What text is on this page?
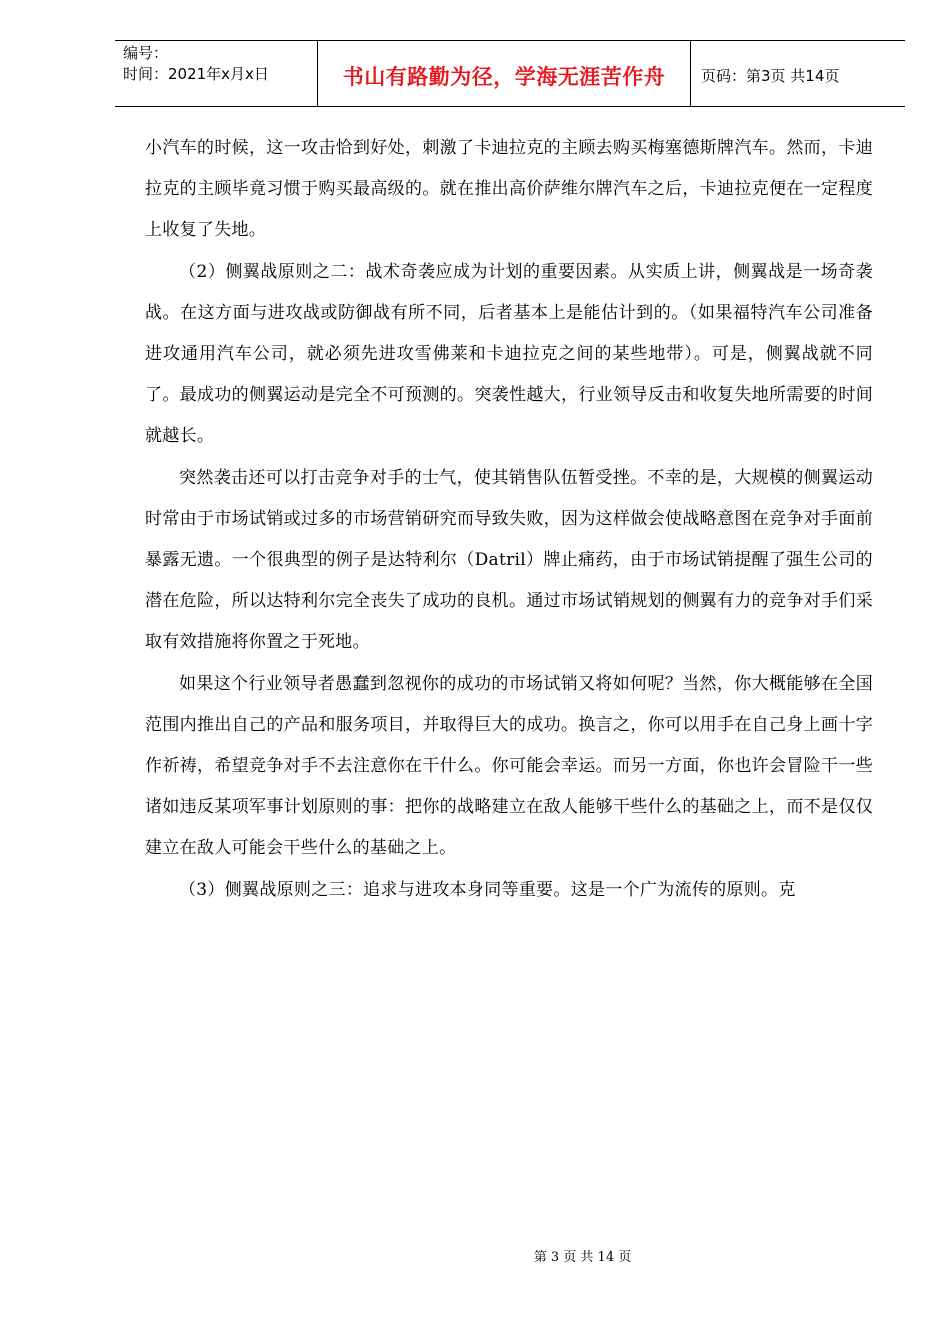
编号：
时间：2021年x月x日	书山有路勤为径，学海无涯苦作舟	页码：第3页 共14页

小汽车的时候，这一攻击恰到好处，刺激了卡迪拉克的主顾去购买梅塞德斯牌汽车。然而，卡迪拉克的主顾毕竟习惯于购买最高级的。就在推出高价萨维尔牌汽车之后，卡迪拉克便在一定程度上收复了失地。

（2）侧翼战原则之二：战术奇袭应成为计划的重要因素。从实质上讲，侧翼战是一场奇袭战。在这方面与进攻战或防御战有所不同，后者基本上是能估计到的。（如果福特汽车公司准备进攻通用汽车公司，就必须先进攻雪佛莱和卡迪拉克之间的某些地带）。可是，侧翼战就不同了。最成功的侧翼运动是完全不可预测的。突袭性越大，行业领导反击和收复失地所需要的时间就越长。

突然袭击还可以打击竞争对手的士气，使其销售队伍暂受挫。不幸的是，大规模的侧翼运动时常由于市场试销或过多的市场营销研究而导致失败，因为这样做会使战略意图在竞争对手面前暴露无遗。一个很典型的例子是达特利尔（Datril）牌止痛药，由于市场试销提醒了强生公司的潜在危险，所以达特利尔完全丧失了成功的良机。通过市场试销规划的侧翼有力的竞争对手们采取有效措施将你置之于死地。

如果这个行业领导者愚蠢到忽视你的成功的市场试销又将如何呢？当然，你大概能够在全国范围内推出自己的产品和服务项目，并取得巨大的成功。换言之，你可以用手在自己身上画十字作祈祷，希望竞争对手不去注意你在干什么。你可能会幸运。而另一方面，你也许会冒险干一些诸如违反某项军事计划原则的事：把你的战略建立在敌人能够干些什么的基础之上，而不是仅仅建立在敌人可能会干些什么的基础之上。

（3）侧翼战原则之三：追求与进攻本身同等重要。这是一个广为流传的原则。克

第 3 页 共 14 页
